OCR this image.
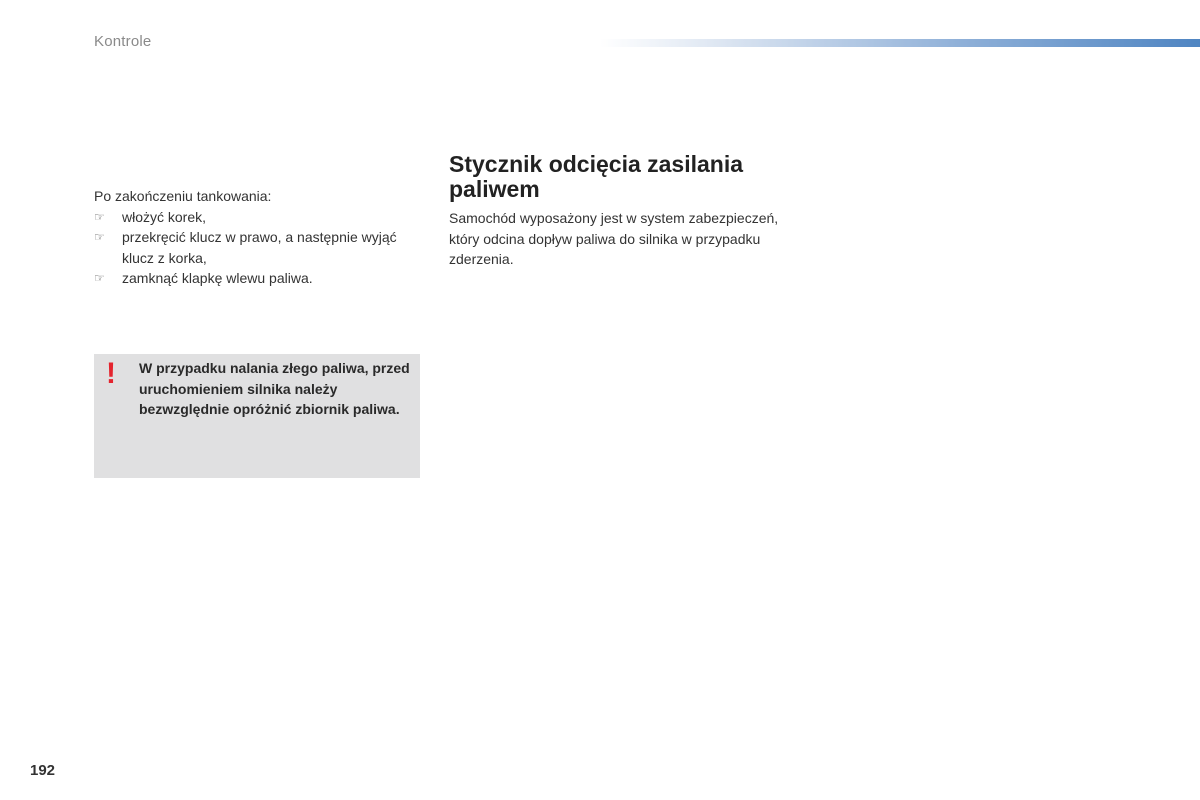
Kontrole

Po zakończeniu tankowania:

☞ włożyć korek,
☞ przekręcić klucz w prawo, a następnie wyjąć klucz z korka,
☞ zamknąć klapkę wlewu paliwa.
! W przypadku nalania złego paliwa, przed uruchomieniem silnika należy bezwzględnie opróżnić zbiornik paliwa.
Stycznik odcięcia zasilania paliwem

Samochód wyposażony jest w system zabezpieczeń, który odcina dopływ paliwa do silnika w przypadku zderzenia.

192
